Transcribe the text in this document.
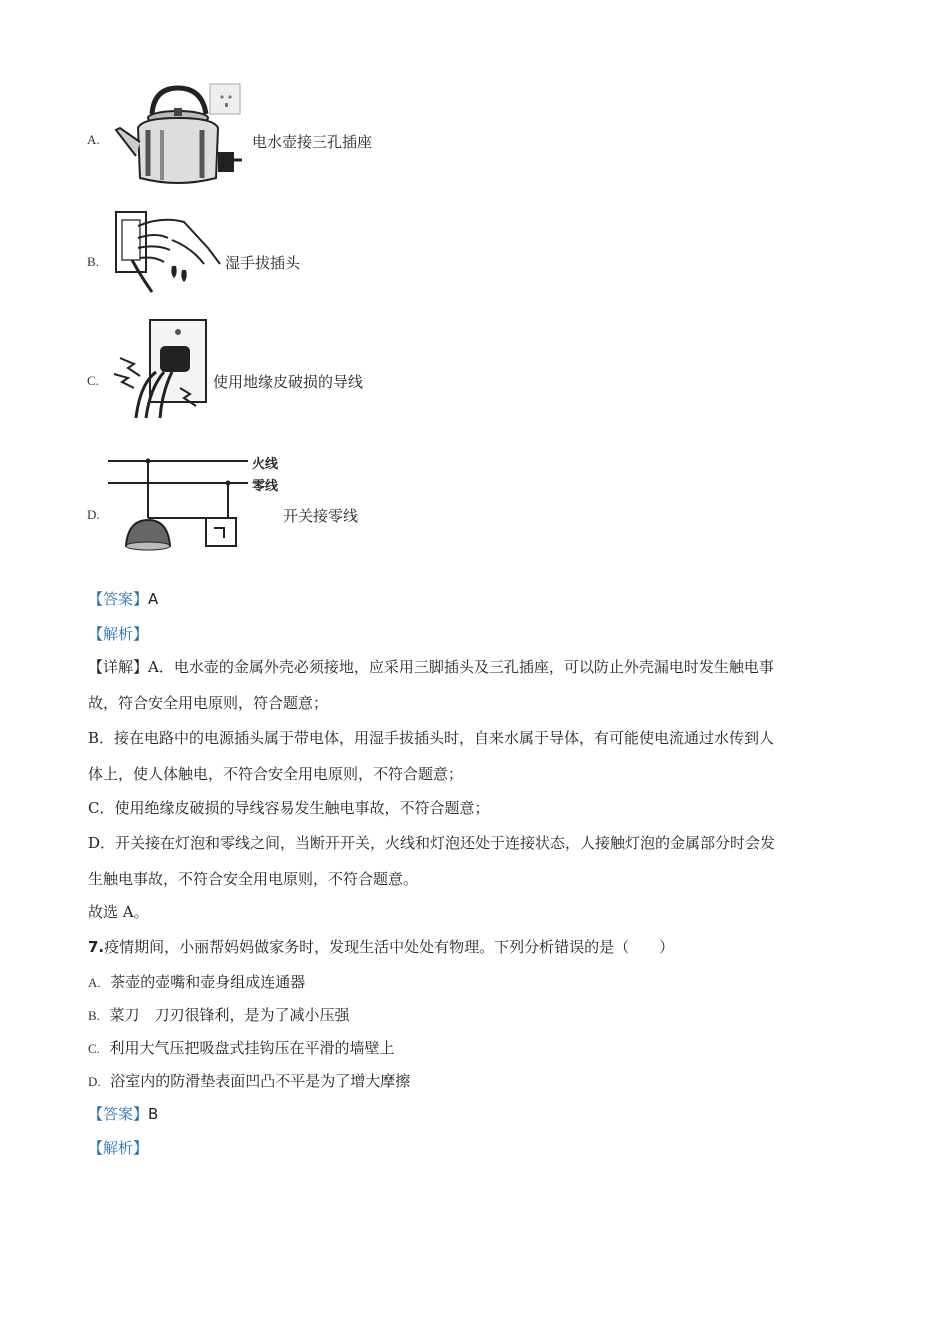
A.	电水壶接三孔插座
B.	湿手拔插头
C.	使用地缘皮破损的导线
D.
火线
零线
开关接零线
【答案】A
【解析】
【详解】A．电水壶的金属外壳必须接地，应采用三脚插头及三孔插座，可以防止外壳漏电时发生触电事
故，符合安全用电原则，符合题意；
B．接在电路中的电源插头属于带电体，用湿手拔插头时，自来水属于导体，有可能使电流通过水传到人
体上，使人体触电，不符合安全用电原则，不符合题意；
C．使用绝缘皮破损的导线容易发生触电事故，不符合题意；
D．开关接在灯泡和零线之间，当断开开关，火线和灯泡还处于连接状态，人接触灯泡的金属部分时会发
生触电事故，不符合安全用电原则，不符合题意。
故选 A。
7.疫情期间，小丽帮妈妈做家务时，发现生活中处处有物理。下列分析错误的是（　　）
A. 茶壶的壶嘴和壶身组成连通器
B. 菜刀　刀刃很锋利，是为了减小压强
C. 利用大气压把吸盘式挂钩压在平滑的墙壁上
D. 浴室内的防滑垫表面凹凸不平是为了增大摩擦
【答案】B
【解析】
